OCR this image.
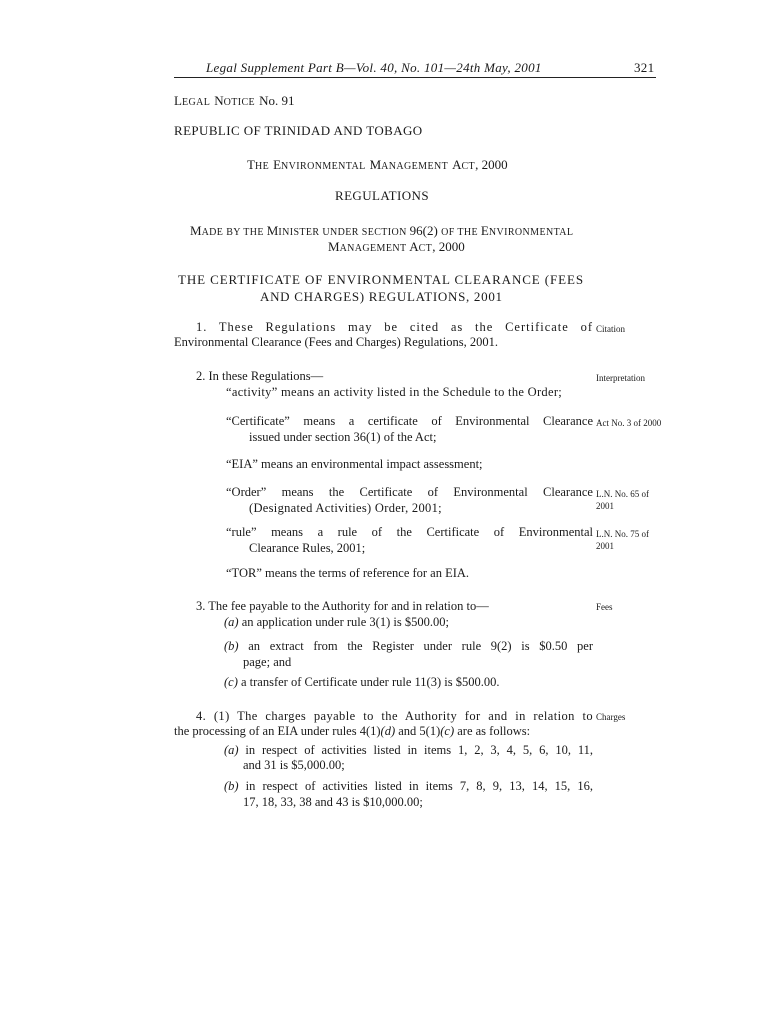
Legal Supplement Part B—Vol. 40, No. 101—24th May, 2001	321
LEGAL NOTICE No. 91
REPUBLIC OF TRINIDAD AND TOBAGO
THE ENVIRONMENTAL MANAGEMENT ACT, 2000
REGULATIONS
MADE BY THE MINISTER UNDER SECTION 96(2) OF THE ENVIRONMENTAL
MANAGEMENT ACT, 2000
THE CERTIFICATE OF ENVIRONMENTAL CLEARANCE (FEES
AND CHARGES) REGULATIONS, 2001
1. These Regulations may be cited as the Certificate of
Environmental Clearance (Fees and Charges) Regulations, 2001.
Citation
2. In these Regulations—	Interpretation
“activity” means an activity listed in the Schedule to the Order;
“Certificate” means a certificate of Environmental Clearance
issued under section 36(1) of the Act;
Act No. 3 of 2000
“EIA” means an environmental impact assessment;
“Order” means the Certificate of Environmental Clearance
(Designated Activities) Order, 2001;
L.N. No. 65 of 2001
“rule” means a rule of the Certificate of Environmental
Clearance Rules, 2001;
L.N. No. 75 of 2001
“TOR” means the terms of reference for an EIA.
3. The fee payable to the Authority for and in relation to—	Fees
(a) an application under rule 3(1) is $500.00;
(b) an extract from the Register under rule 9(2) is $0.50 per
page; and
(c) a transfer of Certificate under rule 11(3) is $500.00.
4. (1) The charges payable to the Authority for and in relation to Charges
the processing of an EIA under rules 4(1)(d) and 5(1)(c) are as follows:
(a) in respect of activities listed in items 1, 2, 3, 4, 5, 6, 10, 11,
and 31 is $5,000.00;
(b) in respect of activities listed in items 7, 8, 9, 13, 14, 15, 16,
17, 18, 33, 38 and 43 is $10,000.00;
